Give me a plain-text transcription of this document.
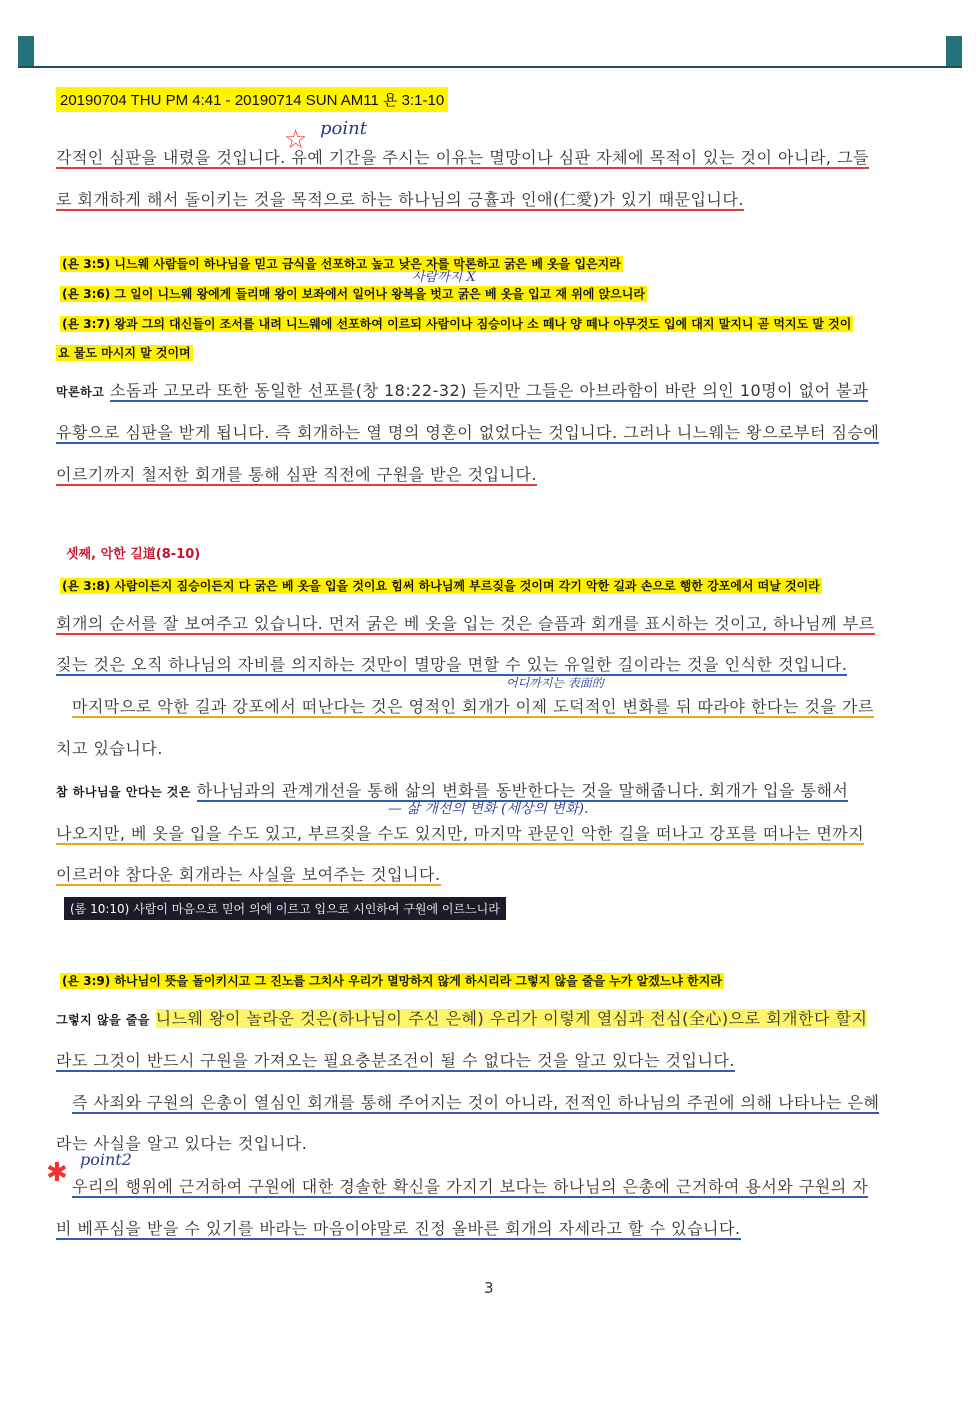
20190704 THU PM 4:41 - 20190714 SUN AM11 욘 3:1-10
☆ point
각적인 심판을 내렸을 것입니다. 유예 기간을 주시는 이유는 멸망이나 심판 자체에 목적이 있는 것이 아니라, 그들
로 회개하게 해서 돌이키는 것을 목적으로 하는 하나님의 긍휼과 인애(仁愛)가 있기 때문입니다.
(욘 3:5) 니느웨 사람들이 하나님을 믿고 금식을 선포하고 높고 낮은 자를 막론하고 굵은 베 옷을 입은지라
사람까지 X
(욘 3:6) 그 일이 니느웨 왕에게 들리매 왕이 보좌에서 일어나 왕복을 벗고 굵은 베 옷을 입고 재 위에 앉으니라
(욘 3:7) 왕과 그의 대신들이 조서를 내려 니느웨에 선포하여 이르되 사람이나 짐승이나 소 떼나 양 떼나 아무것도 입에 대지 말지니 곧 먹지도 말 것이
요 물도 마시지 말 것이며
막론하고 소돔과 고모라 또한 동일한 선포를(창 18:22-32) 듣지만 그들은 아브라함이 바란 의인 10명이 없어 불과
유황으로 심판을 받게 됩니다. 즉 회개하는 열 명의 영혼이 없었다는 것입니다. 그러나 니느웨는 왕으로부터 짐승에
이르기까지 철저한 회개를 통해 심판 직전에 구원을 받은 것입니다.
셋째, 악한 길道(8-10)
(욘 3:8) 사람이든지 짐승이든지 다 굵은 베 옷을 입을 것이요 힘써 하나님께 부르짖을 것이며 각기 악한 길과 손으로 행한 강포에서 떠날 것이라
회개의 순서를 잘 보여주고 있습니다. 먼저 굵은 베 옷을 입는 것은 슬픔과 회개를 표시하는 것이고, 하나님께 부르
짖는 것은 오직 하나님의 자비를 의지하는 것만이 멸망을 면할 수 있는 유일한 길이라는 것을 인식한 것입니다.
어디까지는 表面的
마지막으로 악한 길과 강포에서 떠난다는 것은 영적인 회개가 이제 도덕적인 변화를 뒤 따라야 한다는 것을 가르
치고 있습니다.
참 하나님을 안다는 것은 하나님과의 관계개선을 통해 삶의 변화를 동반한다는 것을 말해줍니다. 회개가 입을 통해서
— 삶 개선의 변화 (세상의 변화).
나오지만, 베 옷을 입을 수도 있고, 부르짖을 수도 있지만, 마지막 관문인 악한 길을 떠나고 강포를 떠나는 면까지
이르러야 참다운 회개라는 사실을 보여주는 것입니다.
(롬 10:10) 사람이 마음으로 믿어 의에 이르고 입으로 시인하여 구원에 이르느니라
(욘 3:9) 하나님이 뜻을 돌이키시고 그 진노를 그치사 우리가 멸망하지 않게 하시리라 그렇지 않을 줄을 누가 알겠느냐 한지라
그렇지 않을 줄을 니느웨 왕이 놀라운 것은(하나님이 주신 은혜) 우리가 이렇게 열심과 전심(全心)으로 회개한다 할지
라도 그것이 반드시 구원을 가져오는 필요충분조건이 될 수 없다는 것을 알고 있다는 것입니다.
즉 사죄와 구원의 은총이 열심인 회개를 통해 주어지는 것이 아니라, 전적인 하나님의 주권에 의해 나타나는 은혜
라는 사실을 알고 있다는 것입니다.
✱ point2
우리의 행위에 근거하여 구원에 대한 경솔한 확신을 가지기 보다는 하나님의 은총에 근거하여 용서와 구원의 자
비 베푸심을 받을 수 있기를 바라는 마음이야말로 진정 올바른 회개의 자세라고 할 수 있습니다.
3
